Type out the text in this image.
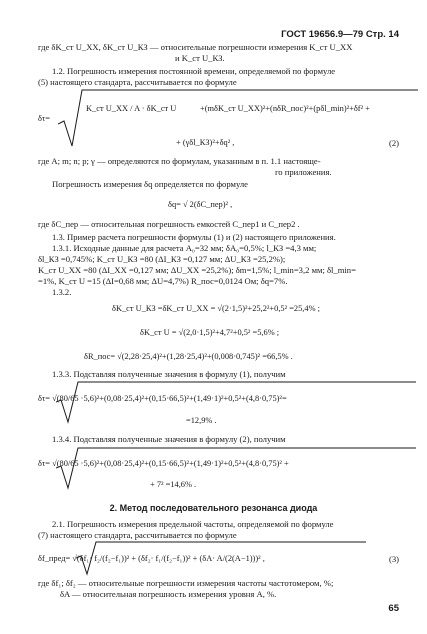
ГОСТ 19656.9—79 Стр. 14
где δK_ст U_XX, δK_ст U_КЗ — относительные погрешности измерения K_ст U_XX
и K_ст U_КЗ.
1.2. Погрешность измерения постоянной времени, определяемой по формуле
(5) настоящего стандарта, рассчитывается по формуле
δτ=
K_ст U_XX / A · δK_ст U	+(mδK_ст U_XX)²+(nδR_пос)²+(pδl_min)²+δf² +
+ (γδl_КЗ)²+δq² ,	(2)
где A; m; n; p; γ — определяются по формулам, указанным в п. 1.1 настояще-
го приложения.
Погрешность измерения δq определяется по формуле
δq= √ 2(δC_пер)² ,
где δC_пер — относительная погрешность емкостей C_пер1 и C_пер2 .
1.3. Пример расчета погрешности формулы (1) и (2) настоящего приложения.
1.3.1. Исходные данные для расчета A₀=32 мм; δA₀=0,5%; l_КЗ =4,3 мм;
δl_КЗ =0,745%; K_ст U_КЗ =80 (ΔI_КЗ =0,127 мм; ΔU_КЗ =25,2%);
K_ст U_XX =80 (ΔI_XX =0,127 мм; ΔU_XX =25,2%); δm=1,5%; l_min=3,2 мм; δl_min=
=1%, K_ст U =15 (ΔI=0,68 мм; ΔU=4,7%) R_пос=0,0124 Ом; δq=7%.
1.3.2.
δK_ст U_КЗ =δK_ст U_XX = √(2·1,5)²+25,2²+0,5² =25,4% ;
δK_ст U = √(2,0·1,5)²+4,7²+0,5² =5,6% ;
δR_пос= √(2,28·25,4)²+(1,28·25,4)²+(0,008·0,745)² =66,5% .
1.3.3. Подставляя полученные значения в формулу (1), получим
δτ= √(80/65 ·5,6)²+(0,08·25,4)²+(0,15·66,5)²+(1,49·1)²+0,5²+(4,8·0,75)²=
=12,9% .
1.3.4. Подставляя полученные значения в формулу (2), получим
δτ= √(80/65 ·5,6)²+(0,08·25,4)²+(0,15·66,5)²+(1,49·1)²+0,5²+(4,8·0,75)² +
+ 7² =14,6% .
2. Метод последовательного резонанса диода
2.1. Погрешность измерения предельной частоты, определяемой по формуле
(7) настоящего стандарта, рассчитывается по формуле
δf_пред= √(δf₁· f₂/(f₂−f₁))² + (δf₂· f₁/(f₂−f₁))² + (δA· A/(2(A−1)))² ,	(3)
где δf₁; δf₂ — относительные погрешности измерения частоты частотомером, %;
δA — относительная погрешность измерения уровня A, %.
65
